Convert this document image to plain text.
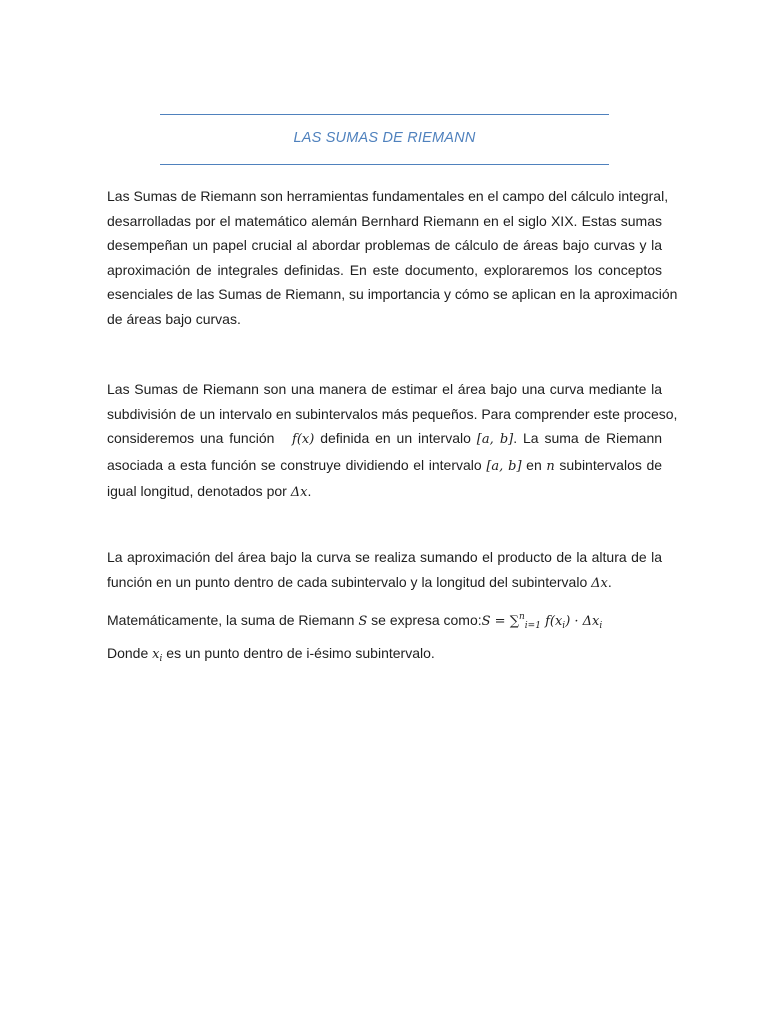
LAS SUMAS DE RIEMANN
Las Sumas de Riemann son herramientas fundamentales en el campo del cálculo integral,
desarrolladas por el matemático alemán Bernhard Riemann en el siglo XIX. Estas sumas
desempeñan un papel crucial al abordar problemas de cálculo de áreas bajo curvas y la
aproximación de integrales definidas. En este documento, exploraremos los conceptos
esenciales de las Sumas de Riemann, su importancia y cómo se aplican en la aproximación
de áreas bajo curvas.
Las Sumas de Riemann son una manera de estimar el área bajo una curva mediante la
subdivisión de un intervalo en subintervalos más pequeños. Para comprender este proceso,
consideremos una función f(x) definida en un intervalo [a, b]. La suma de Riemann
asociada a esta función se construye dividiendo el intervalo [a, b] en n subintervalos de
igual longitud, denotados por Δx.
La aproximación del área bajo la curva se realiza sumando el producto de la altura de la
función en un punto dentro de cada subintervalo y la longitud del subintervalo Δx.
Matemáticamente, la suma de Riemann S se expresa como:S = ∑$^n_{i=1}$ $f(x_i) \cdot \Delta x_i$
Donde $x_i$ es un punto dentro de i-ésimo subintervalo.
